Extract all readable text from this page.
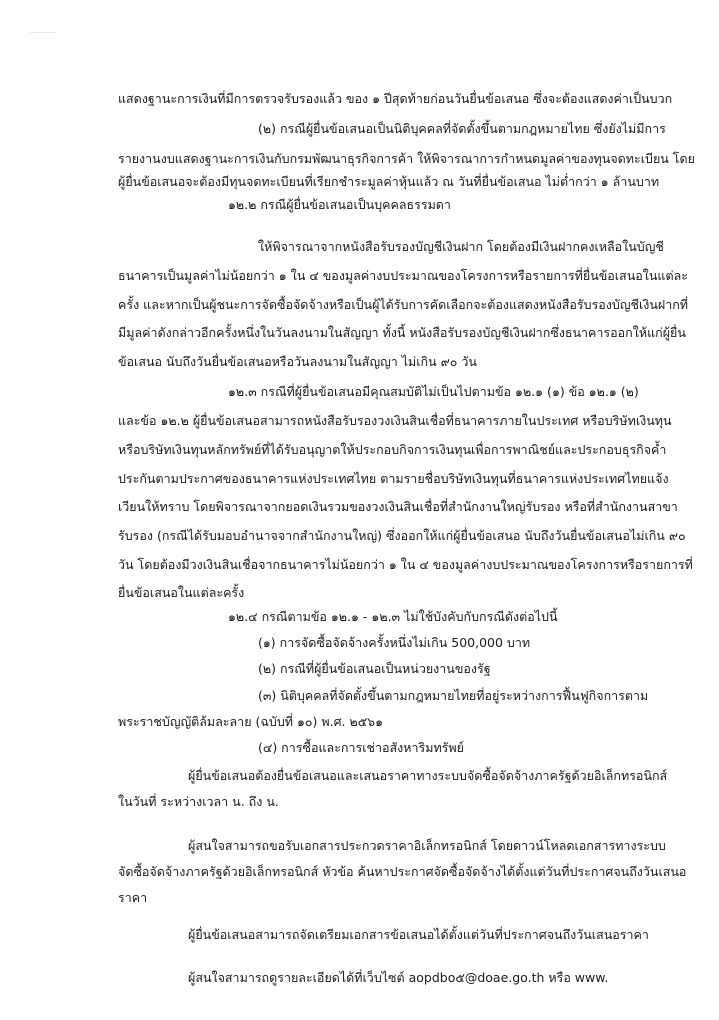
แสดงฐานะการเงินที่มีการตรวจรับรองแล้ว ของ ๑ ปีสุดท้ายก่อนวันยื่นข้อเสนอ ซึ่งจะต้องแสดงค่าเป็นบวก
(๒) กรณีผู้ยื่นข้อเสนอเป็นนิติบุคคลที่จัดตั้งขึ้นตามกฎหมายไทย ซึ่งยังไม่มีการ
รายงานงบแสดงฐานะการเงินกับกรมพัฒนาธุรกิจการค้า ให้พิจารณาการกำหนดมูลค่าของทุนจดทะเบียน โดย
ผู้ยื่นข้อเสนอจะต้องมีทุนจดทะเบียนที่เรียกชำระมูลค่าหุ้นแล้ว ณ วันที่ยื่นข้อเสนอ ไม่ต่ำกว่า ๑ ล้านบาท
๑๒.๒ กรณีผู้ยื่นข้อเสนอเป็นบุคคลธรรมดา
ให้พิจารณาจากหนังสือรับรองบัญชีเงินฝาก โดยต้องมีเงินฝากคงเหลือในบัญชี
ธนาคารเป็นมูลค่าไม่น้อยกว่า ๑ ใน ๔ ของมูลค่างบประมาณของโครงการหรือรายการที่ยื่นข้อเสนอในแต่ละ
ครั้ง และหากเป็นผู้ชนะการจัดซื้อจัดจ้างหรือเป็นผู้ได้รับการคัดเลือกจะต้องแสดงหนังสือรับรองบัญชีเงินฝากที่
มีมูลค่าดังกล่าวอีกครั้งหนึ่งในวันลงนามในสัญญา ทั้งนี้ หนังสือรับรองบัญชีเงินฝากซึ่งธนาคารออกให้แก่ผู้ยื่น
ข้อเสนอ นับถึงวันยื่นข้อเสนอหรือวันลงนามในสัญญา ไม่เกิน ๙๐ วัน
๑๒.๓ กรณีที่ผู้ยื่นข้อเสนอมีคุณสมบัติไม่เป็นไปตามข้อ ๑๒.๑ (๑) ข้อ ๑๒.๑ (๒)
และข้อ ๑๒.๒ ผู้ยื่นข้อเสนอสามารถหนังสือรับรองวงเงินสินเชื่อที่ธนาคารภายในประเทศ หรือบริษัทเงินทุน
หรือบริษัทเงินทุนหลักทรัพย์ที่ได้รับอนุญาตให้ประกอบกิจการเงินทุนเพื่อการพาณิชย์และประกอบธุรกิจค้ำ
ประกันตามประกาศของธนาคารแห่งประเทศไทย ตามรายชื่อบริษัทเงินทุนที่ธนาคารแห่งประเทศไทยแจ้ง
เวียนให้ทราบ โดยพิจารณาจากยอดเงินรวมของวงเงินสินเชื่อที่สำนักงานใหญ่รับรอง หรือที่สำนักงานสาขา
รับรอง (กรณีได้รับมอบอำนาจจากสำนักงานใหญ่) ซึ่งออกให้แก่ผู้ยื่นข้อเสนอ นับถึงวันยื่นข้อเสนอไม่เกิน ๙๐
วัน โดยต้องมีวงเงินสินเชื่อจากธนาคารไม่น้อยกว่า ๑ ใน ๔ ของมูลค่างบประมาณของโครงการหรือรายการที่
ยื่นข้อเสนอในแต่ละครั้ง
๑๒.๔ กรณีตามข้อ ๑๒.๑ - ๑๒.๓ ไม่ใช้บังคับกับกรณีดังต่อไปนี้
(๑) การจัดซื้อจัดจ้างครั้งหนึ่งไม่เกิน 500,000 บาท
(๒) กรณีที่ผู้ยื่นข้อเสนอเป็นหน่วยงานของรัฐ
(๓) นิติบุคคลที่จัดตั้งขึ้นตามกฎหมายไทยที่อยู่ระหว่างการฟื้นฟูกิจการตาม
พระราชบัญญัติล้มละลาย (ฉบับที่ ๑๐) พ.ศ. ๒๕๖๑
(๔) การซื้อและการเช่าอสังหาริมทรัพย์
ผู้ยื่นข้อเสนอต้องยื่นข้อเสนอและเสนอราคาทางระบบจัดซื้อจัดจ้างภาครัฐด้วยอิเล็กทรอนิกส์
ในวันที่ ระหว่างเวลา น. ถึง น.
ผู้สนใจสามารถขอรับเอกสารประกวดราคาอิเล็กทรอนิกส์ โดยดาวน์โหลดเอกสารทางระบบ
จัดซื้อจัดจ้างภาครัฐด้วยอิเล็กทรอนิกส์ หัวข้อ ค้นหาประกาศจัดซื้อจัดจ้างได้ตั้งแต่วันที่ประกาศจนถึงวันเสนอ
ราคา
ผู้ยื่นข้อเสนอสามารถจัดเตรียมเอกสารข้อเสนอได้ตั้งแต่วันที่ประกาศจนถึงวันเสนอราคา
ผู้สนใจสามารถดูรายละเอียดได้ที่เว็บไซต์ aopdbo๕@doae.go.th หรือ www.
